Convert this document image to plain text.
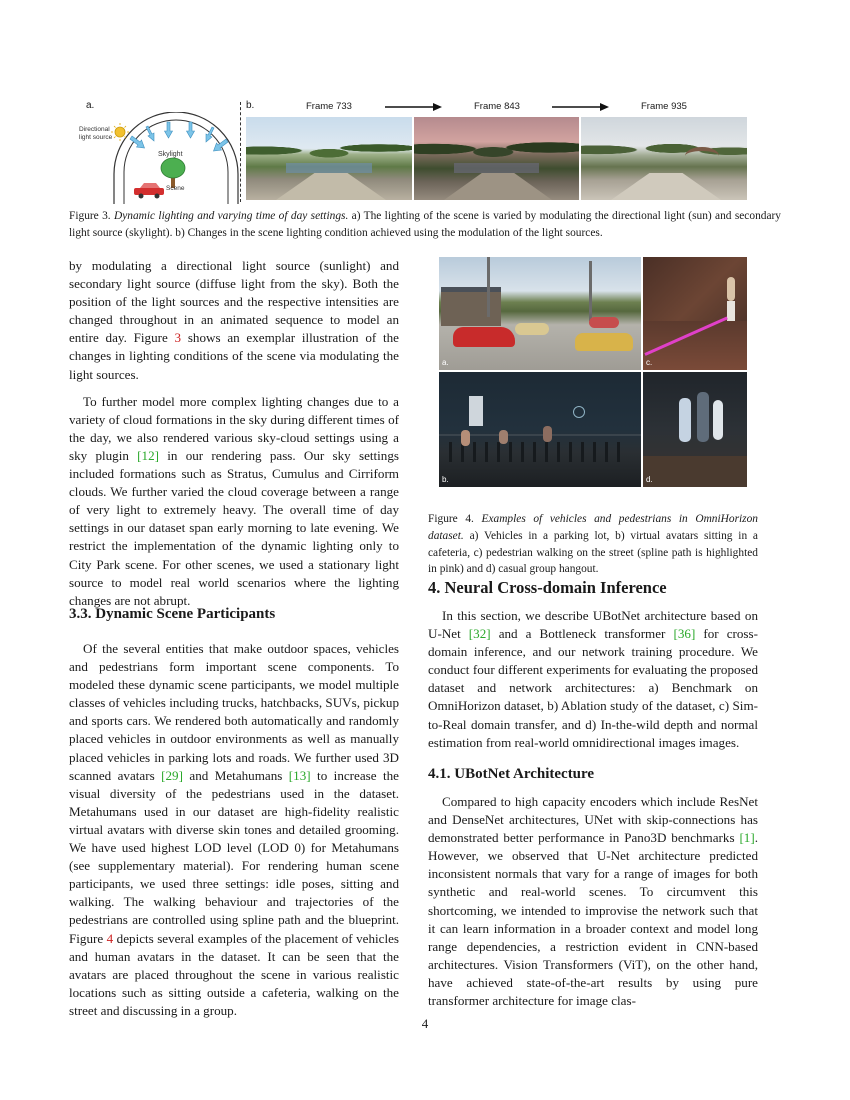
a.
Directional
light source
Skylight
Scene
b.	Frame 733	Frame 843	Frame 935
Figure 3. Dynamic lighting and varying time of day settings. a) The lighting of the scene is varied by modulating the directional light (sun) and secondary light source (skylight). b) Changes in the scene lighting condition achieved using the modulation of the light sources.
a.	c.
b.	d.
Figure 4. Examples of vehicles and pedestrians in OmniHorizon dataset. a) Vehicles in a parking lot, b) virtual avatars sitting in a cafeteria, c) pedestrian walking on the street (spline path is highlighted in pink) and d) casual group hangout.

by modulating a directional light source (sunlight) and secondary light source (diffuse light from the sky). Both the position of the light sources and the respective intensities are changed throughout in an animated sequence to model an entire day. Figure 3 shows an exemplar illustration of the changes in lighting conditions of the scene via modulating the light sources.

To further model more complex lighting changes due to a variety of cloud formations in the sky during different times of the day, we also rendered various sky-cloud settings using a sky plugin [12] in our rendering pass. Our sky settings included formations such as Stratus, Cumulus and Cirriform clouds. We further varied the cloud coverage between a range of very light to extremely heavy. The overall time of day settings in our dataset span early morning to late evening. We restrict the implementation of the dynamic lighting only to City Park scene. For other scenes, we used a stationary light source to model real world scenarios where the lighting changes are not abrupt.

3.3. Dynamic Scene Participants

Of the several entities that make outdoor spaces, vehicles and pedestrians form important scene components. To modeled these dynamic scene participants, we model multiple classes of vehicles including trucks, hatchbacks, SUVs, pickup and sports cars. We rendered both automatically and randomly placed vehicles in outdoor environments as well as manually placed vehicles in parking lots and roads. We further used 3D scanned avatars [29] and Metahumans [13] to increase the visual diversity of the pedestrians used in the dataset. Metahumans used in our dataset are high-fidelity realistic virtual avatars with diverse skin tones and detailed grooming. We have used highest LOD level (LOD 0) for Metahumans (see supplementary material). For rendering human scene participants, we used three settings: idle poses, sitting and walking. The walking behaviour and trajectories of the pedestrians are controlled using spline path and the blueprint. Figure 4 depicts several examples of the placement of vehicles and human avatars in the dataset. It can be seen that the avatars are placed throughout the scene in various realistic locations such as sitting outside a cafeteria, walking on the street and discussing in a group.

4. Neural Cross-domain Inference

In this section, we describe UBotNet architecture based on U-Net [32] and a Bottleneck transformer [36] for cross-domain inference, and our network training procedure. We conduct four different experiments for evaluating the proposed dataset and network architectures: a) Benchmark on OmniHorizon dataset, b) Ablation study of the dataset, c) Sim-to-Real domain transfer, and d) In-the-wild depth and normal estimation from real-world omnidirectional images images.

4.1. UBotNet Architecture

Compared to high capacity encoders which include ResNet and DenseNet architectures, UNet with skip-connections has demonstrated better performance in Pano3D benchmarks [1]. However, we observed that U-Net architecture predicted inconsistent normals that vary for a range of images for both synthetic and real-world scenes. To circumvent this shortcoming, we intended to improvise the network such that it can learn information in a broader context and model long range dependencies, a restriction evident in CNN-based architectures. Vision Transformers (ViT), on the other hand, have achieved state-of-the-art results by using pure transformer architecture for image clas-

4
